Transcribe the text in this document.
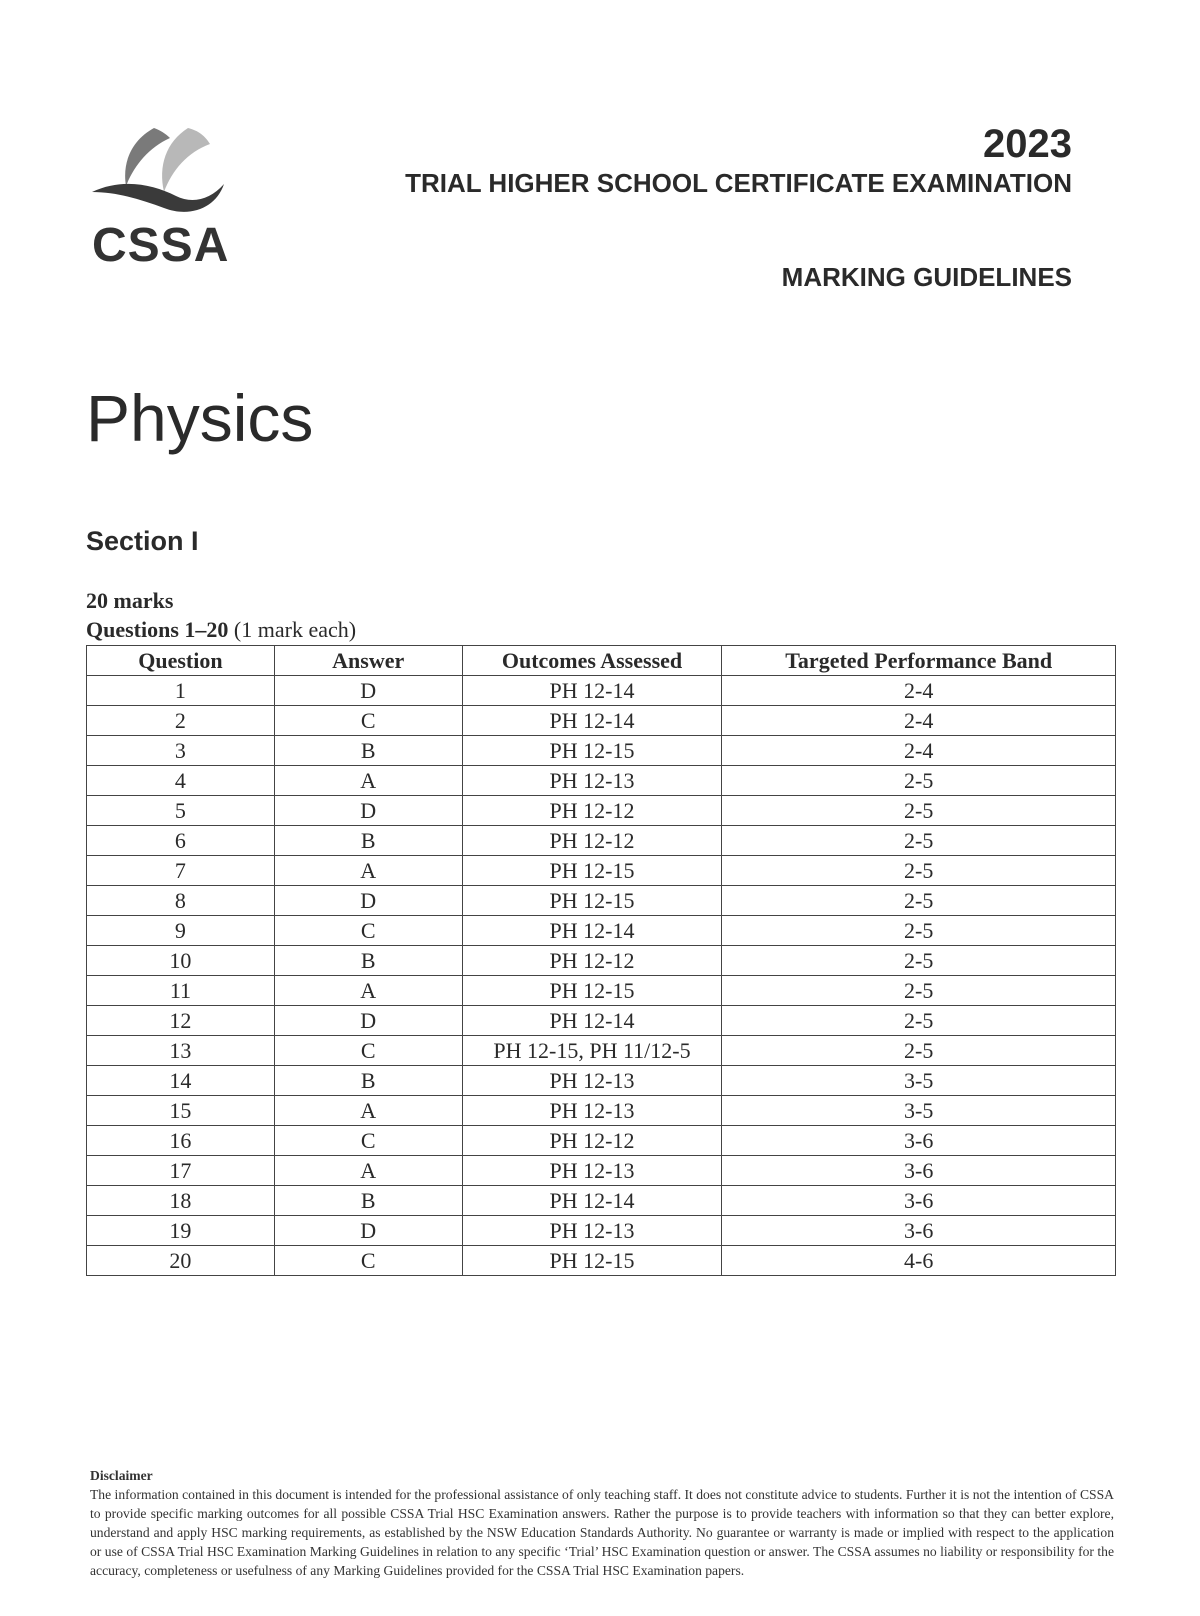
CSSA
2023
TRIAL HIGHER SCHOOL CERTIFICATE EXAMINATION
MARKING GUIDELINES
Physics
Section I
20 marks
Questions 1–20 (1 mark each)
Question	Answer	Outcomes Assessed	Targeted Performance Band
1	D	PH 12-14	2-4
2	C	PH 12-14	2-4
3	B	PH 12-15	2-4
4	A	PH 12-13	2-5
5	D	PH 12-12	2-5
6	B	PH 12-12	2-5
7	A	PH 12-15	2-5
8	D	PH 12-15	2-5
9	C	PH 12-14	2-5
10	B	PH 12-12	2-5
11	A	PH 12-15	2-5
12	D	PH 12-14	2-5
13	C	PH 12-15, PH 11/12-5	2-5
14	B	PH 12-13	3-5
15	A	PH 12-13	3-5
16	C	PH 12-12	3-6
17	A	PH 12-13	3-6
18	B	PH 12-14	3-6
19	D	PH 12-13	3-6
20	C	PH 12-15	4-6
Disclaimer
The information contained in this document is intended for the professional assistance of only teaching staff. It does not constitute advice to students. Further it is not the intention of CSSA to provide specific marking outcomes for all possible CSSA Trial HSC Examination answers. Rather the purpose is to provide teachers with information so that they can better explore, understand and apply HSC marking requirements, as established by the NSW Education Standards Authority. No guarantee or warranty is made or implied with respect to the application or use of CSSA Trial HSC Examination Marking Guidelines in relation to any specific ‘Trial’ HSC Examination question or answer. The CSSA assumes no liability or responsibility for the accuracy, completeness or usefulness of any Marking Guidelines provided for the CSSA Trial HSC Examination papers.
